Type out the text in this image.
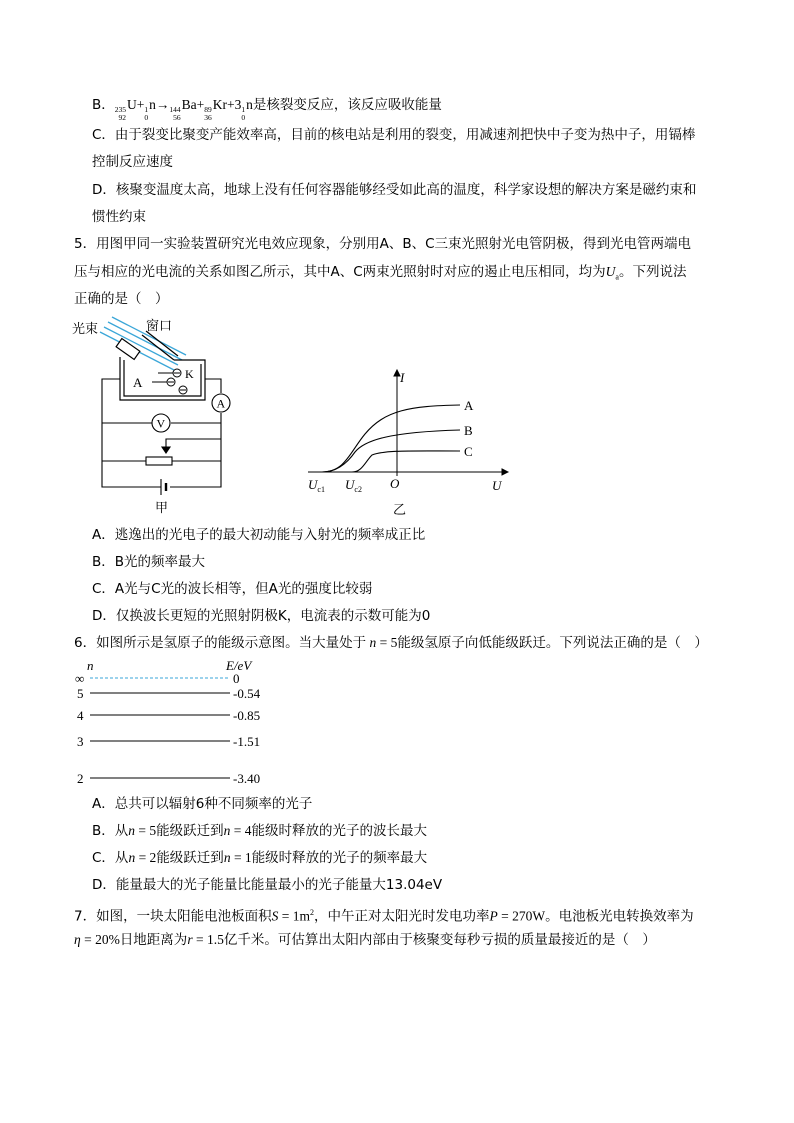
B． 235
92
U+ 1
0
n→ 144
56
Ba+ 89
36
Kr+3 1
0
n是核裂变反应，该反应吸收能量
C．由于裂变比聚变产能效率高，目前的核电站是利用的裂变，用减速剂把快中子变为热中子，用镉棒
控制反应速度
D．核聚变温度太高，地球上没有任何容器能够经受如此高的温度，科学家设想的解决方案是磁约束和
惯性约束
5．用图甲同一实验装置研究光电效应现象，分别用A、B、C三束光照射光电管阴极，得到光电管两端电
压与相应的光电流的关系如图乙所示，其中A、C两束光照射时对应的遏止电压相同，均为$U_a$。下列说法
正确的是（　）
光束	窗口
A
K
A
V
甲
I
U
O
$U_{c1}$ $U_{c2}$
A
B
C
乙
A．逃逸出的光电子的最大初动能与入射光的频率成正比
B．B光的频率最大
C．A光与C光的波长相等，但A光的强度比较弱
D．仅换波长更短的光照射阴极K，电流表的示数可能为0
6．如图所示是氢原子的能级示意图。当大量处于 n = 5能级氢原子向低能级跃迁。下列说法正确的是（　）
n	E/eV
∞	0
5	-0.54
4	-0.85
3	-1.51
2	-3.40
A．总共可以辐射6种不同频率的光子
B．从n = 5能级跃迁到n = 4能级时释放的光子的波长最大
C．从n = 2能级跃迁到n = 1能级时释放的光子的频率最大
D．能量最大的光子能量比能量最小的光子能量大13.04eV
7．如图，一块太阳能电池板面积$S = 1m^2$，中午正对太阳光时发电功率P = 270W。电池板光电转换效率为
η = 20%日地距离为r = 1.5亿千米。可估算出太阳内部由于核聚变每秒亏损的质量最接近的是（　）
